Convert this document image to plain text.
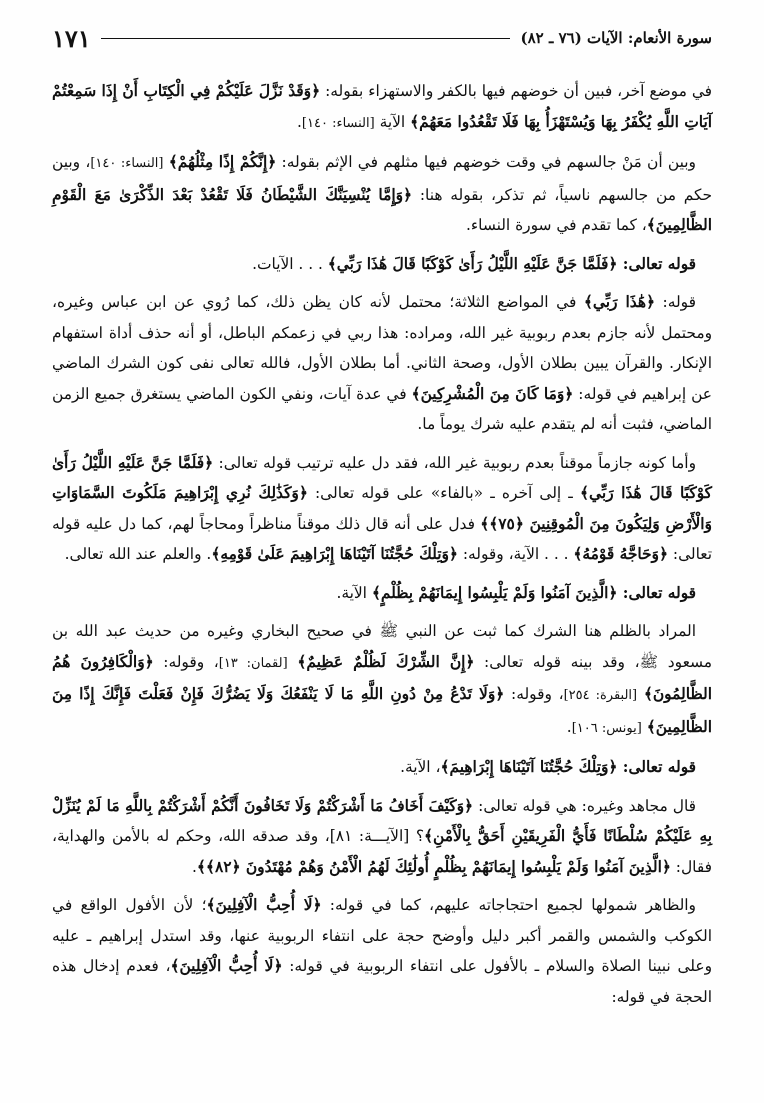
سورة الأنعام: الآيات (٧٦ ـ ٨٢)
١٧١

في موضع آخر، فبين أن خوضهم فيها بالكفر والاستهزاء بقوله: ﴿وَقَدْ نَزَّلَ عَلَيْكُمْ فِي الْكِتَابِ أَنْ إِذَا سَمِعْتُمْ آيَاتِ اللَّهِ يُكْفَرُ بِهَا وَيُسْتَهْزَأُ بِهَا فَلَا تَقْعُدُوا مَعَهُمْ﴾ الآية [النساء: ١٤٠].

وبين أن مَنْ جالسهم في وقت خوضهم فيها مثلهم في الإثم بقوله: ﴿إِنَّكُمْ إِذًا مِثْلُهُمْ﴾ [النساء: ١٤٠]، وبين حكم من جالسهم ناسياً، ثم تذكر، بقوله هنا: ﴿وَإِمَّا يُنْسِيَنَّكَ الشَّيْطَانُ فَلَا تَقْعُدْ بَعْدَ الذِّكْرَىٰ مَعَ الْقَوْمِ الظَّالِمِينَ﴾، كما تقدم في سورة النساء.

قوله تعالى: ﴿فَلَمَّا جَنَّ عَلَيْهِ اللَّيْلُ رَأَىٰ كَوْكَبًا قَالَ هَٰذَا رَبِّي﴾ . . . الآيات.

قوله: ﴿هَٰذَا رَبِّي﴾ في المواضع الثلاثة؛ محتمل لأنه كان يظن ذلك، كما رُوي عن ابن عباس وغيره، ومحتمل لأنه جازم بعدم ربوبية غير الله، ومراده: هذا ربي في زعمكم الباطل، أو أنه حذف أداة استفهام الإنكار. والقرآن يبين بطلان الأول، وصحة الثاني. أما بطلان الأول، فالله تعالى نفى كون الشرك الماضي عن إبراهيم في قوله: ﴿وَمَا كَانَ مِنَ الْمُشْرِكِينَ﴾ في عدة آيات، ونفي الكون الماضي يستغرق جميع الزمن الماضي، فثبت أنه لم يتقدم عليه شرك يوماً ما.

وأما كونه جازماً موقناً بعدم ربوبية غير الله، فقد دل عليه ترتيب قوله تعالى: ﴿فَلَمَّا جَنَّ عَلَيْهِ اللَّيْلُ رَأَىٰ كَوْكَبًا قَالَ هَٰذَا رَبِّي﴾ ـ إلى آخره ـ «بالفاء» على قوله تعالى: ﴿وَكَذَٰلِكَ نُرِي إِبْرَاهِيمَ مَلَكُوتَ السَّمَاوَاتِ وَالْأَرْضِ وَلِيَكُونَ مِنَ الْمُوقِنِينَ ﴿٧٥﴾﴾ فدل على أنه قال ذلك موقناً مناظراً ومحاجاً لهم، كما دل عليه قوله تعالى: ﴿وَحَاجَّهُ قَوْمُهُ﴾ . . . الآية، وقوله: ﴿وَتِلْكَ حُجَّتُنَا آتَيْنَاهَا إِبْرَاهِيمَ عَلَىٰ قَوْمِهِ﴾. والعلم عند الله تعالى.

قوله تعالى: ﴿الَّذِينَ آمَنُوا وَلَمْ يَلْبِسُوا إِيمَانَهُمْ بِظُلْمٍ﴾ الآية.

المراد بالظلم هنا الشرك كما ثبت عن النبي ﷺ في صحيح البخاري وغيره من حديث عبد الله بن مسعود ﷺ، وقد بينه قوله تعالى: ﴿إِنَّ الشِّرْكَ لَظُلْمٌ عَظِيمٌ﴾ [لقمان: ١٣]، وقوله: ﴿وَالْكَافِرُونَ هُمُ الظَّالِمُونَ﴾ [البقرة: ٢٥٤]، وقوله: ﴿وَلَا تَدْعُ مِنْ دُونِ اللَّهِ مَا لَا يَنْفَعُكَ وَلَا يَضُرُّكَ فَإِنْ فَعَلْتَ فَإِنَّكَ إِذًا مِنَ الظَّالِمِينَ﴾ [يونس: ١٠٦].

قوله تعالى: ﴿وَتِلْكَ حُجَّتُنَا آتَيْنَاهَا إِبْرَاهِيمَ﴾، الآية.

قال مجاهد وغيره: هي قوله تعالى: ﴿وَكَيْفَ أَخَافُ مَا أَشْرَكْتُمْ وَلَا تَخَافُونَ أَنَّكُمْ أَشْرَكْتُمْ بِاللَّهِ مَا لَمْ يُنَزِّلْ بِهِ عَلَيْكُمْ سُلْطَانًا فَأَيُّ الْفَرِيقَيْنِ أَحَقُّ بِالْأَمْنِ﴾؟ [الآيـــة: ٨١]، وقد صدقه الله، وحكم له بالأمن والهداية، فقال: ﴿الَّذِينَ آمَنُوا وَلَمْ يَلْبِسُوا إِيمَانَهُمْ بِظُلْمٍ أُولَٰئِكَ لَهُمُ الْأَمْنُ وَهُمْ مُهْتَدُونَ ﴿٨٢﴾﴾.

والظاهر شمولها لجميع احتجاجاته عليهم، كما في قوله: ﴿لَا أُحِبُّ الْآفِلِينَ﴾؛ لأن الأفول الواقع في الكوكب والشمس والقمر أكبر دليل وأوضح حجة على انتفاء الربوبية عنها، وقد استدل إبراهيم ـ عليه وعلى نبينا الصلاة والسلام ـ بالأفول على انتفاء الربوبية في قوله: ﴿لَا أُحِبُّ الْآفِلِينَ﴾، فعدم إدخال هذه الحجة في قوله:
